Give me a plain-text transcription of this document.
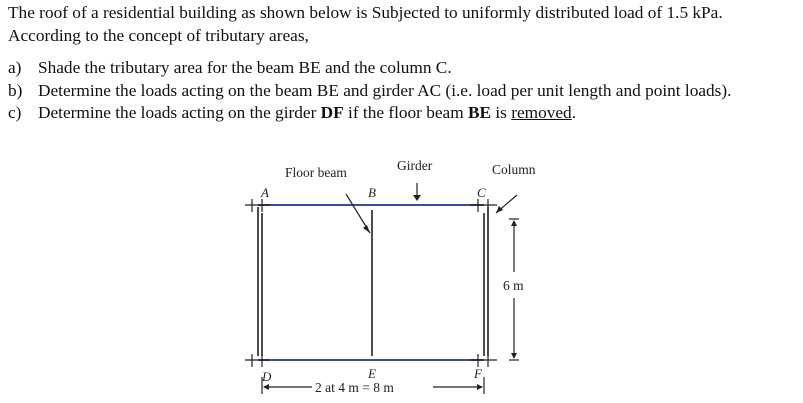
The roof of a residential building as shown below is Subjected to uniformly distributed load of 1.5 kPa. According to the concept of tributary areas,

a) Shade the tributary area for the beam BE and the column C.
b) Determine the loads acting on the beam BE and girder AC (i.e. load per unit length and point loads).
c) Determine the loads acting on the girder DF if the floor beam BE is removed.
Floor beam	Girder	Column
A	B	C
D	E	F
6 m
2 at 4 m = 8 m
